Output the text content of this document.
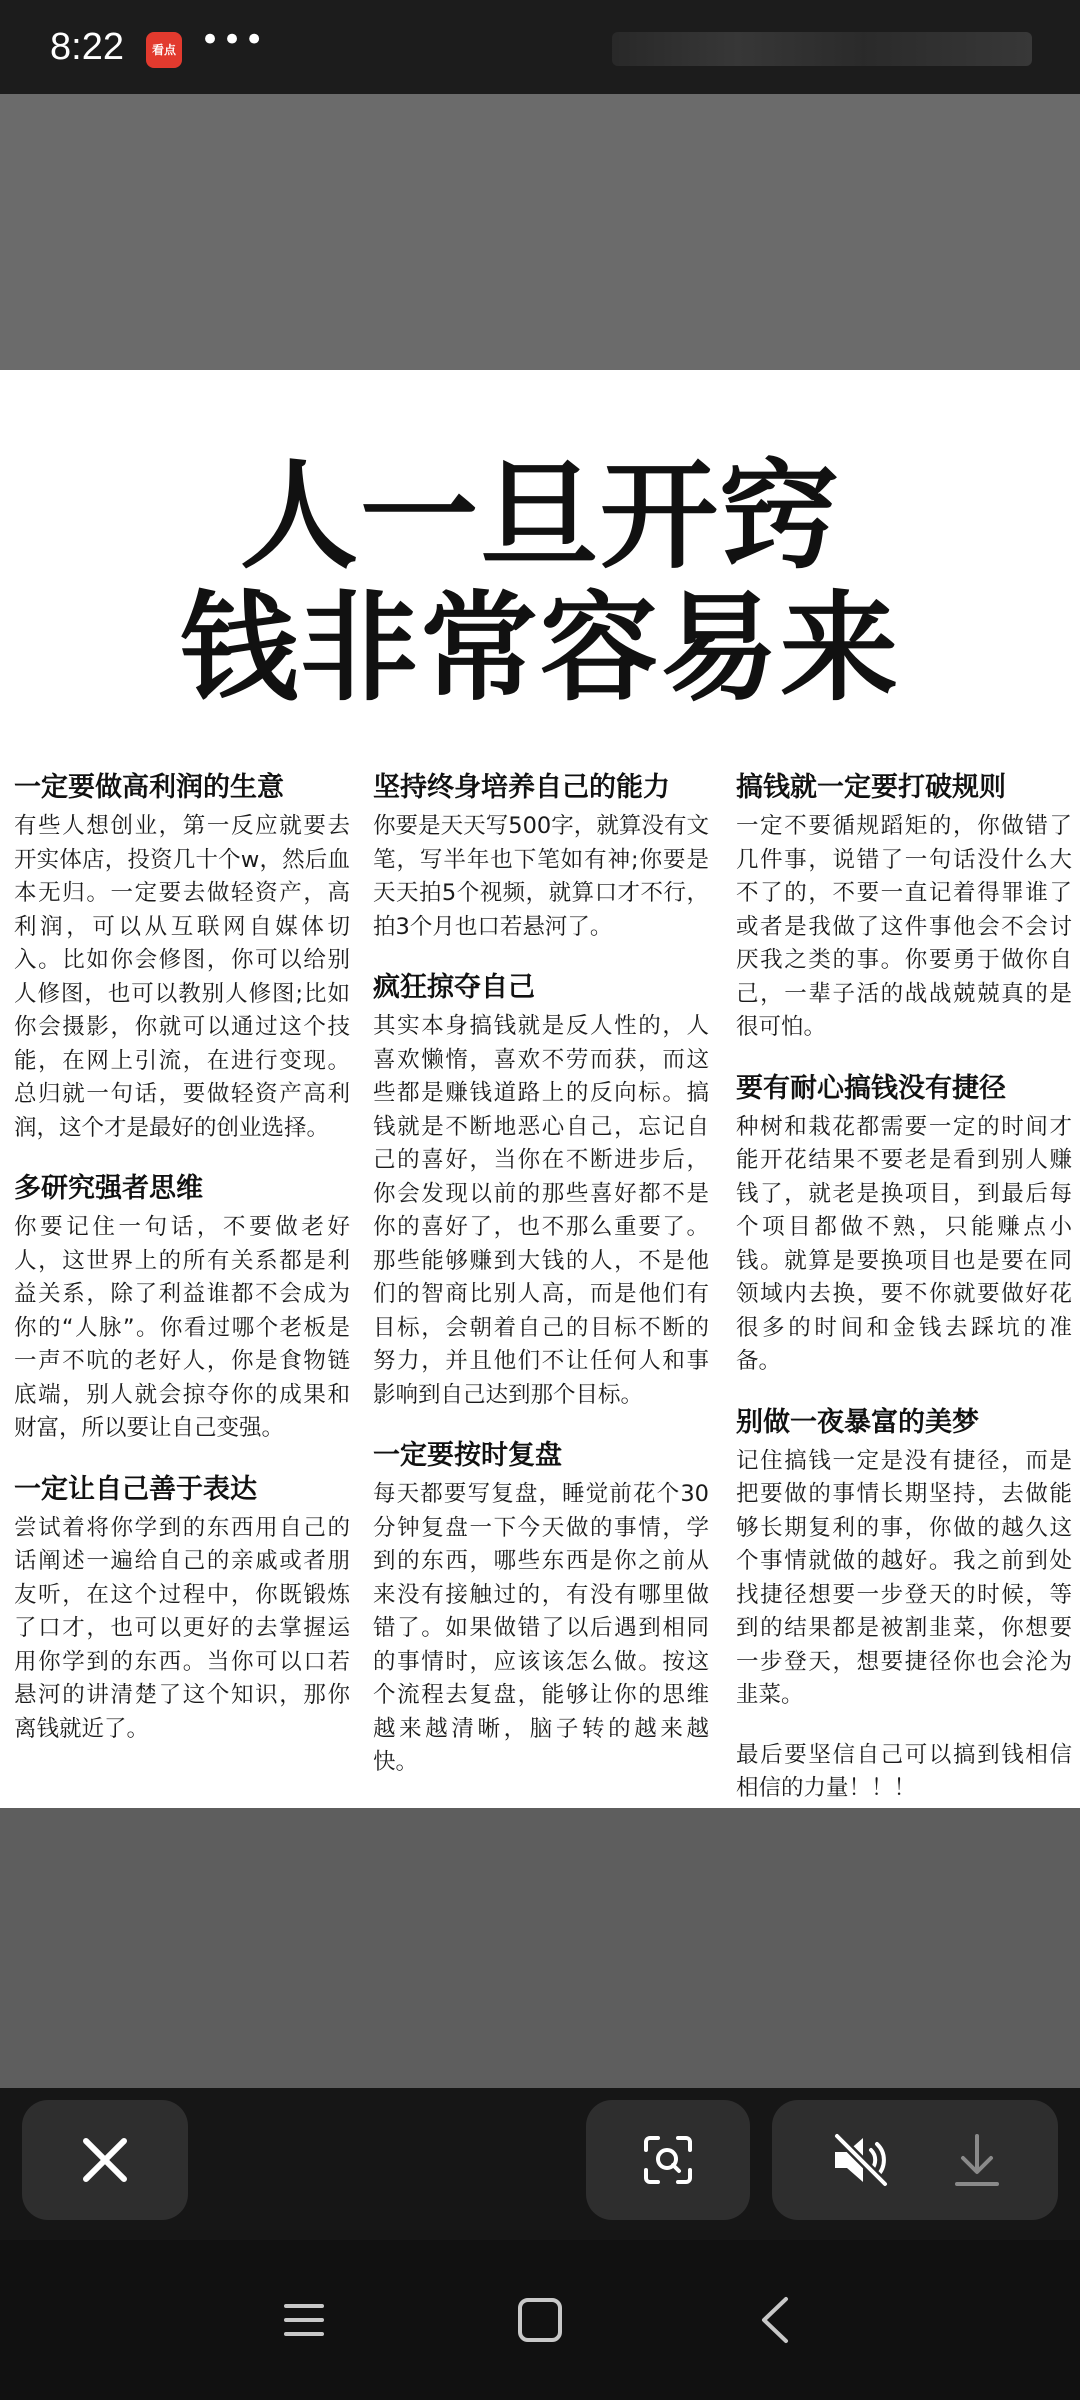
8:22	看点 •••
人一旦开窍
钱非常容易来
一定要做高利润的生意

有些人想创业，第一反应就要去开实体店，投资几十个w，然后血本无归。一定要去做轻资产，高利润，可以从互联网自媒体切入。比如你会修图，你可以给别人修图，也可以教别人修图;比如你会摄影，你就可以通过这个技能，在网上引流，在进行变现。总归就一句话，要做轻资产高利润，这个才是最好的创业选择。

多研究强者思维

你要记住一句话，不要做老好人，这世界上的所有关系都是利益关系，除了利益谁都不会成为你的“人脉”。你看过哪个老板是一声不吭的老好人，你是食物链底端，别人就会掠夺你的成果和财富，所以要让自己变强。

一定让自己善于表达

尝试着将你学到的东西用自己的话阐述一遍给自己的亲戚或者朋友听，在这个过程中，你既锻炼了口才，也可以更好的去掌握运用你学到的东西。当你可以口若悬河的讲清楚了这个知识，那你离钱就近了。

坚持终身培养自己的能力

你要是天天写500字，就算没有文笔，写半年也下笔如有神;你要是天天拍5个视频，就算口才不行，拍3个月也口若悬河了。

疯狂掠夺自己

其实本身搞钱就是反人性的，人喜欢懒惰，喜欢不劳而获，而这些都是赚钱道路上的反向标。搞钱就是不断地恶心自己，忘记自己的喜好，当你在不断进步后，你会发现以前的那些喜好都不是你的喜好了，也不那么重要了。那些能够赚到大钱的人，不是他们的智商比别人高，而是他们有目标，会朝着自己的目标不断的努力，并且他们不让任何人和事影响到自己达到那个目标。

一定要按时复盘

每天都要写复盘，睡觉前花个30分钟复盘一下今天做的事情，学到的东西，哪些东西是你之前从来没有接触过的，有没有哪里做错了。如果做错了以后遇到相同的事情时，应该该怎么做。按这个流程去复盘，能够让你的思维越来越清晰，脑子转的越来越快。

搞钱就一定要打破规则

一定不要循规蹈矩的，你做错了几件事，说错了一句话没什么大不了的，不要一直记着得罪谁了或者是我做了这件事他会不会讨厌我之类的事。你要勇于做你自己，一辈子活的战战兢兢真的是很可怕。

要有耐心搞钱没有捷径

种树和栽花都需要一定的时间才能开花结果不要老是看到别人赚钱了，就老是换项目，到最后每个项目都做不熟，只能赚点小钱。就算是要换项目也是要在同领域内去换，要不你就要做好花很多的时间和金钱去踩坑的准备。

别做一夜暴富的美梦

记住搞钱一定是没有捷径，而是把要做的事情长期坚持，去做能够长期复利的事，你做的越久这个事情就做的越好。我之前到处找捷径想要一步登天的时候，等到的结果都是被割韭菜，你想要一步登天，想要捷径你也会沦为韭菜。

最后要坚信自己可以搞到钱相信相信的力量！！！
